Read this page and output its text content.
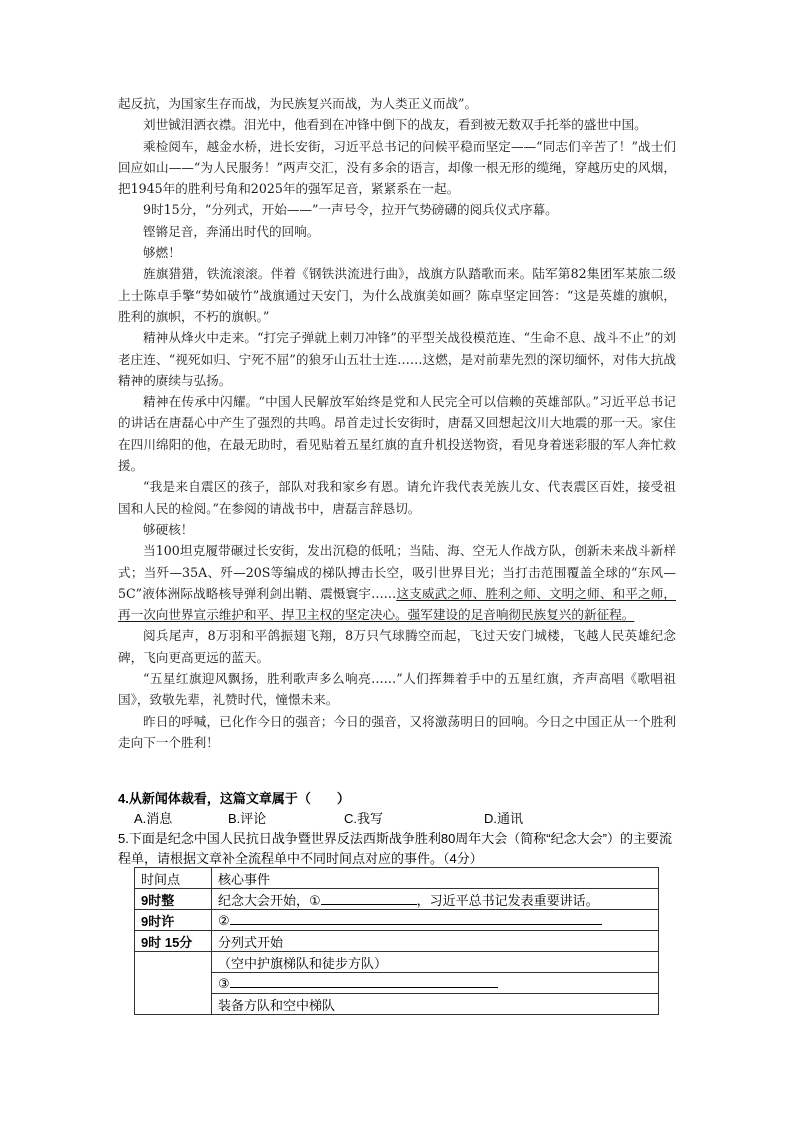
起反抗，为国家生存而战，为民族复兴而战，为人类正义而战”。

刘世铖泪洒衣襟。泪光中，他看到在冲锋中倒下的战友，看到被无数双手托举的盛世中国。

乘检阅车，越金水桥，进长安街，习近平总书记的问候平稳而坚定——“同志们辛苦了！”战士们回应如山——“为人民服务！”两声交汇，没有多余的语言，却像一根无形的缆绳，穿越历史的风烟，把1945年的胜利号角和2025年的强军足音，紧紧系在一起。

9时15分，“分列式，开始——”一声号令，拉开气势磅礴的阅兵仪式序幕。

铿锵足音，奔涌出时代的回响。

够燃！

旌旗猎猎，铁流滚滚。伴着《钢铁洪流进行曲》，战旗方队踏歌而来。陆军第82集团军某旅二级上士陈卓手擎“势如破竹”战旗通过天安门，为什么战旗美如画？陈卓坚定回答：“这是英雄的旗帜，胜利的旗帜，不朽的旗帜。”

精神从烽火中走来。“打完子弹就上刺刀冲锋”的平型关战役模范连、“生命不息、战斗不止”的刘老庄连、“视死如归、宁死不屈”的狼牙山五壮士连……这燃，是对前辈先烈的深切缅怀，对伟大抗战精神的赓续与弘扬。

精神在传承中闪耀。“中国人民解放军始终是党和人民完全可以信赖的英雄部队。”习近平总书记的讲话在唐磊心中产生了强烈的共鸣。昂首走过长安街时，唐磊又回想起汶川大地震的那一天。家住在四川绵阳的他，在最无助时，看见贴着五星红旗的直升机投送物资，看见身着迷彩服的军人奔忙救援。

“我是来自震区的孩子，部队对我和家乡有恩。请允许我代表羌族儿女、代表震区百姓，接受祖国和人民的检阅。”在参阅的请战书中，唐磊言辞恳切。

够硬核！

当100坦克履带碾过长安街，发出沉稳的低吼；当陆、海、空无人作战方队，创新未来战斗新样式；当歼—35A、歼—20S等编成的梯队搏击长空，吸引世界目光；当打击范围覆盖全球的“东风—5C”液体洲际战略核导弹利剑出鞘、震慑寰宇……这支威武之师、胜利之师、文明之师、和平之师，再一次向世界宣示维护和平、捍卫主权的坚定决心。强军建设的足音响彻民族复兴的新征程。

阅兵尾声，8万羽和平鸽振翅飞翔，8万只气球腾空而起，飞过天安门城楼，飞越人民英雄纪念碑，飞向更高更远的蓝天。

“五星红旗迎风飘扬，胜利歌声多么响亮……”人们挥舞着手中的五星红旗，齐声高唱《歌唱祖国》，致敬先辈，礼赞时代，憧憬未来。

昨日的呼喊，已化作今日的强音；今日的强音，又将激荡明日的回响。今日之中国正从一个胜利走向下一个胜利！

4.从新闻体裁看，这篇文章属于（　　）
A.消息	B.评论	C.我写	D.通讯
5.下面是纪念中国人民抗日战争暨世界反法西斯战争胜利80周年大会（简称“纪念大会”）的主要流程单，请根据文章补全流程单中不同时间点对应的事件。（4分）
时间点	核心事件
9时整	纪念大会开始，① ，习近平总书记发表重要讲话。
9时许	②
9时 15分	分列式开始
	（空中护旗梯队和徒步方队）
	③
	装备方队和空中梯队
